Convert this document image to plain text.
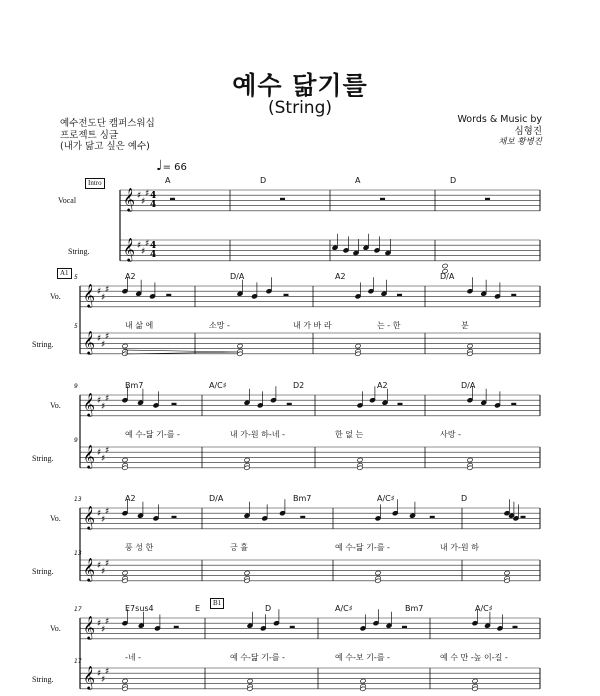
예수 닮기를
(String)
예수전도단 캠퍼스워십
프로젝트 싱글
(내가 닮고 싶은 예수)
Words & Music by
심형진
채보 황병진
♩= 66
𝄞 ♯
♯
♯
𝄞 ♯
♯
♯
4
4
4
4
𝄞 ♯
♯
♯
𝄞 ♯
♯
♯
𝄞 ♯
♯
♯
𝄞 ♯
♯
♯
𝄞 ♯
♯
♯
𝄞 ♯
♯
♯
𝄞 ♯
♯
♯
𝄞 ♯
♯
♯
Vocal
String.
A	D	A	D
Vo.
String.
5
5
A2	D/A	A2	D/A
내 삶 에	소망 -	내 가 바 라	는 - 한	분
Vo.
String.
9
9
Bm7	A/C♯	D2	A2	D/A
예 수-닮 기-를 -	내 가-원 하-네 -	한 없 는	사랑 -
Vo.
String.
13
13
A2	D/A	Bm7	A/C♯	D
풍 성 한	긍 휼	예 수-닮 기-를 -	내 가-원 하
Vo.
String.
17
17
E7sus4	E	D	A/C♯	Bm7	A/C♯
-네 -	예 수-닮 기-를 -	예 수-보 기-를 -	예 수 만 -높 이-길 -
Intro
A1
B1
